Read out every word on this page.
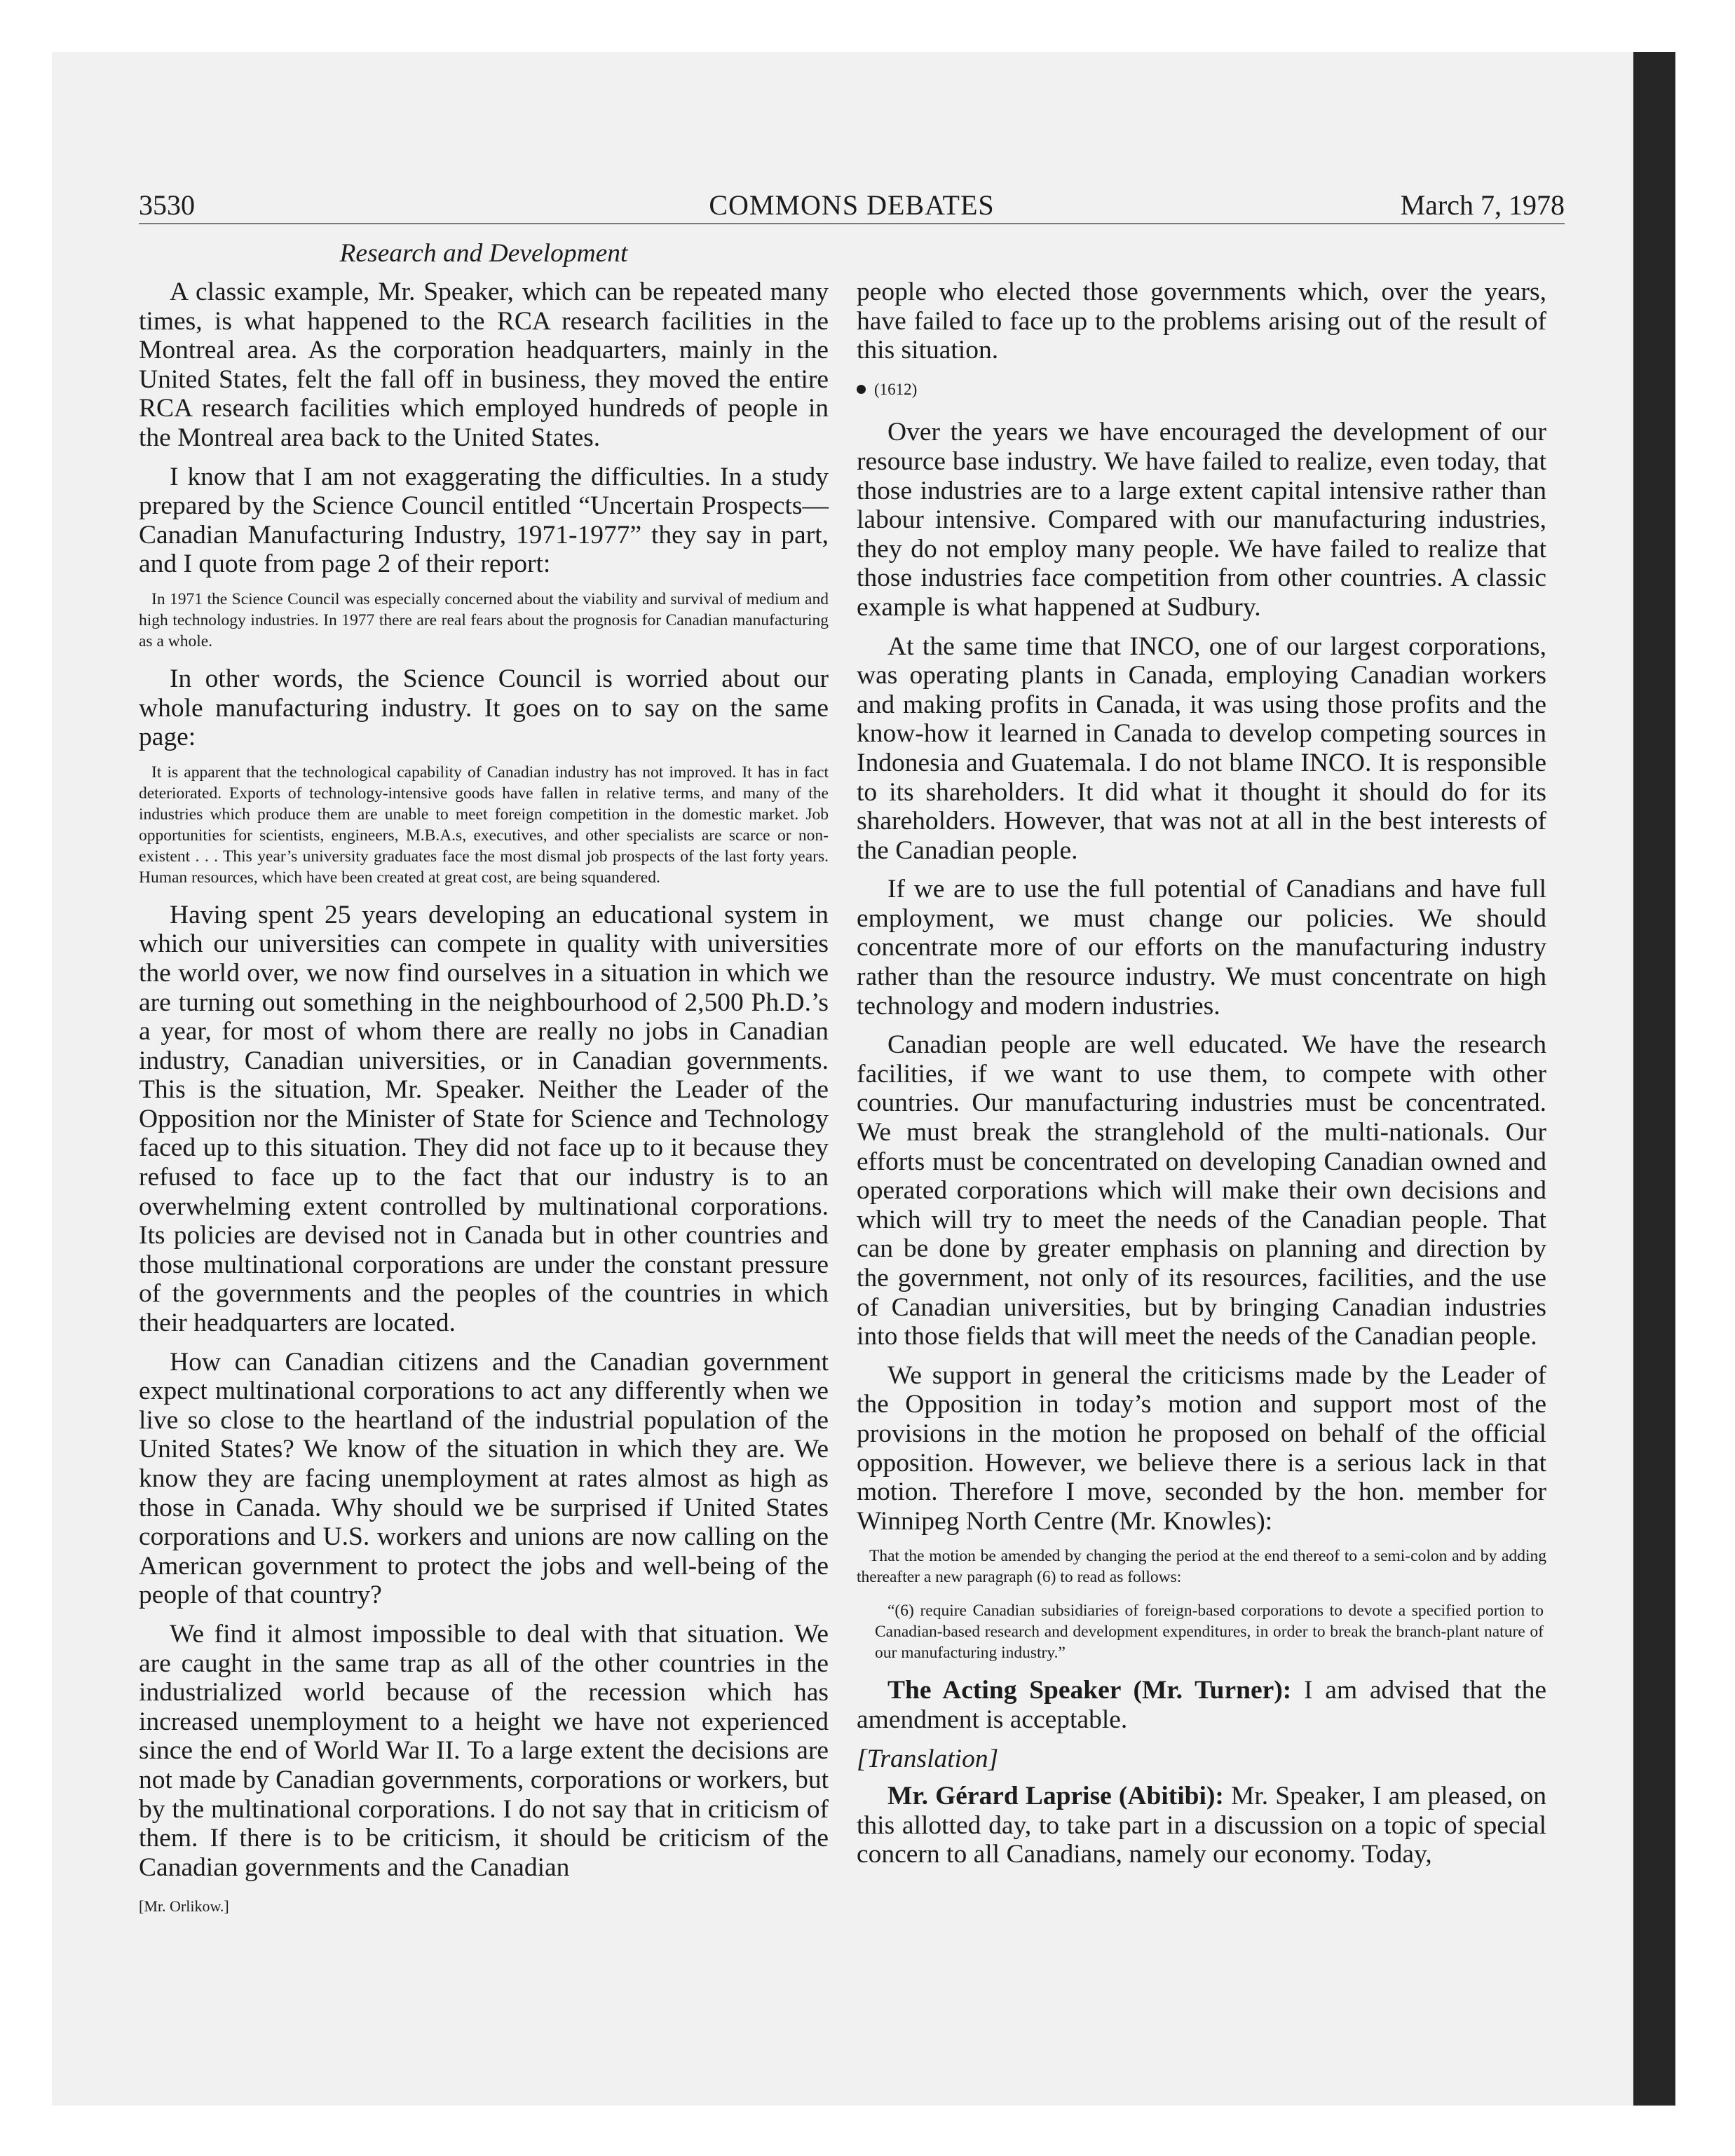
3530	COMMONS DEBATES	March 7, 1978
Research and Development

A classic example, Mr. Speaker, which can be repeated many times, is what happened to the RCA research facilities in the Montreal area. As the corporation headquarters, mainly in the United States, felt the fall off in business, they moved the entire RCA research facilities which employed hundreds of people in the Montreal area back to the United States.

I know that I am not exaggerating the difficulties. In a study prepared by the Science Council entitled “Uncertain Prospects—Canadian Manufacturing Industry, 1971-1977” they say in part, and I quote from page 2 of their report:

In 1971 the Science Council was especially concerned about the viability and survival of medium and high technology industries. In 1977 there are real fears about the prognosis for Canadian manufacturing as a whole.

In other words, the Science Council is worried about our whole manufacturing industry. It goes on to say on the same page:

It is apparent that the technological capability of Canadian industry has not improved. It has in fact deteriorated. Exports of technology-intensive goods have fallen in relative terms, and many of the industries which produce them are unable to meet foreign competition in the domestic market. Job opportunities for scientists, engineers, M.B.A.s, executives, and other specialists are scarce or non-existent . . . This year’s university graduates face the most dismal job prospects of the last forty years. Human resources, which have been created at great cost, are being squandered.

Having spent 25 years developing an educational system in which our universities can compete in quality with universities the world over, we now find ourselves in a situation in which we are turning out something in the neighbourhood of 2,500 Ph.D.’s a year, for most of whom there are really no jobs in Canadian industry, Canadian universities, or in Canadian governments. This is the situation, Mr. Speaker. Neither the Leader of the Opposition nor the Minister of State for Science and Technology faced up to this situation. They did not face up to it because they refused to face up to the fact that our industry is to an overwhelming extent controlled by multinational corporations. Its policies are devised not in Canada but in other countries and those multinational corporations are under the constant pressure of the governments and the peoples of the countries in which their headquarters are located.

How can Canadian citizens and the Canadian government expect multinational corporations to act any differently when we live so close to the heartland of the industrial population of the United States? We know of the situation in which they are. We know they are facing unemployment at rates almost as high as those in Canada. Why should we be surprised if United States corporations and U.S. workers and unions are now calling on the American government to protect the jobs and well-being of the people of that country?

We find it almost impossible to deal with that situation. We are caught in the same trap as all of the other countries in the industrialized world because of the recession which has increased unemployment to a height we have not experienced since the end of World War II. To a large extent the decisions are not made by Canadian governments, corporations or workers, but by the multinational corporations. I do not say that in criticism of them. If there is to be criticism, it should be criticism of the Canadian governments and the Canadian

[Mr. Orlikow.]

people who elected those governments which, over the years, have failed to face up to the problems arising out of the result of this situation.

(1612)

Over the years we have encouraged the development of our resource base industry. We have failed to realize, even today, that those industries are to a large extent capital intensive rather than labour intensive. Compared with our manufacturing industries, they do not employ many people. We have failed to realize that those industries face competition from other countries. A classic example is what happened at Sudbury.

At the same time that INCO, one of our largest corporations, was operating plants in Canada, employing Canadian workers and making profits in Canada, it was using those profits and the know-how it learned in Canada to develop competing sources in Indonesia and Guatemala. I do not blame INCO. It is responsible to its shareholders. It did what it thought it should do for its shareholders. However, that was not at all in the best interests of the Canadian people.

If we are to use the full potential of Canadians and have full employment, we must change our policies. We should concentrate more of our efforts on the manufacturing industry rather than the resource industry. We must concentrate on high technology and modern industries.

Canadian people are well educated. We have the research facilities, if we want to use them, to compete with other countries. Our manufacturing industries must be concentrated. We must break the stranglehold of the multi-nationals. Our efforts must be concentrated on developing Canadian owned and operated corporations which will make their own decisions and which will try to meet the needs of the Canadian people. That can be done by greater emphasis on planning and direction by the government, not only of its resources, facilities, and the use of Canadian universities, but by bringing Canadian industries into those fields that will meet the needs of the Canadian people.

We support in general the criticisms made by the Leader of the Opposition in today’s motion and support most of the provisions in the motion he proposed on behalf of the official opposition. However, we believe there is a serious lack in that motion. Therefore I move, seconded by the hon. member for Winnipeg North Centre (Mr. Knowles):

That the motion be amended by changing the period at the end thereof to a semi-colon and by adding thereafter a new paragraph (6) to read as follows:

“(6) require Canadian subsidiaries of foreign-based corporations to devote a specified portion to Canadian-based research and development expenditures, in order to break the branch-plant nature of our manufacturing industry.”

The Acting Speaker (Mr. Turner): I am advised that the amendment is acceptable.

[Translation]

Mr. Gérard Laprise (Abitibi): Mr. Speaker, I am pleased, on this allotted day, to take part in a discussion on a topic of special concern to all Canadians, namely our economy. Today,
